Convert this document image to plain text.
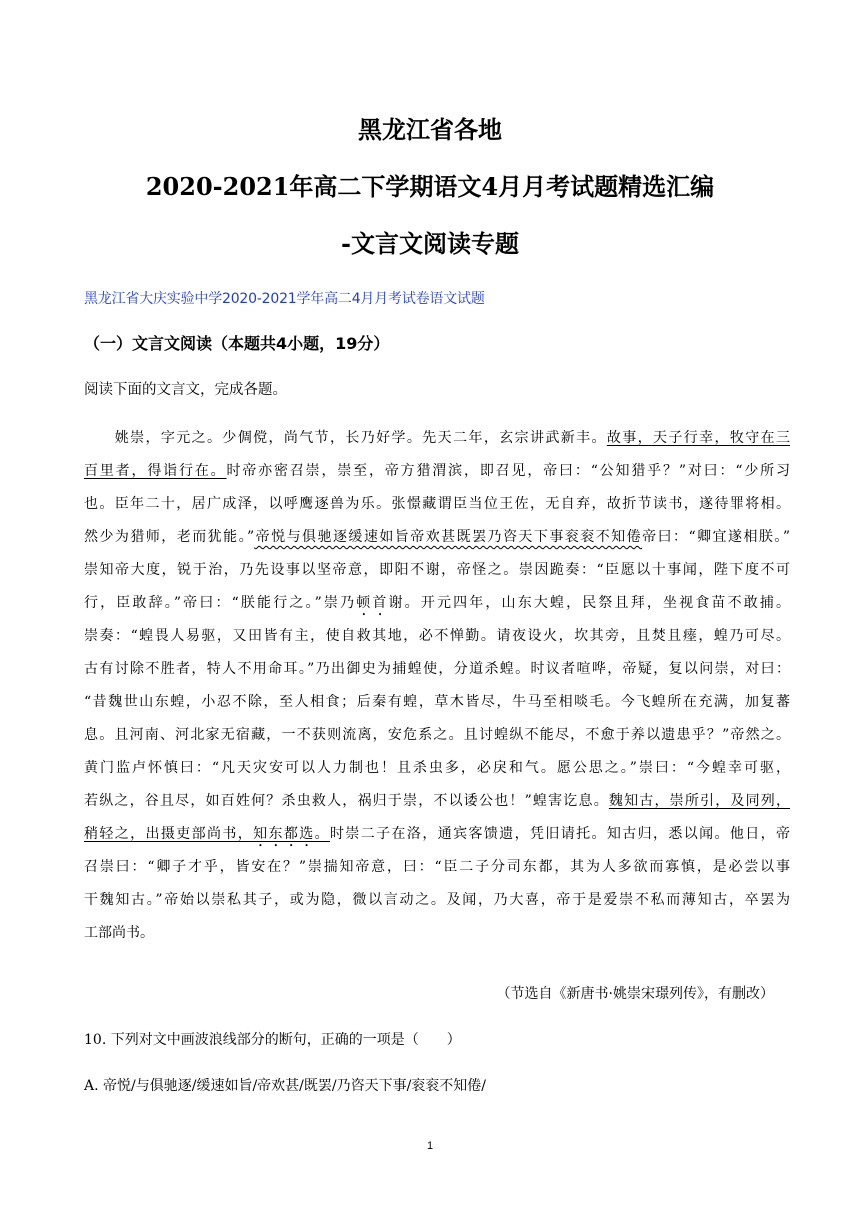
黑龙江省各地
2020-2021年高二下学期语文4月月考试题精选汇编
-文言文阅读专题
黑龙江省大庆实验中学2020-2021学年高二4月月考试卷语文试题
（一）文言文阅读（本题共4小题，19分）
阅读下面的文言文，完成各题。
　　姚崇，字元之。少倜傥，尚气节，长乃好学。先天二年，玄宗讲武新丰。故事，天子行幸，牧守在三
百里者，得诣行在。时帝亦密召崇，崇至，帝方猎渭滨，即召见，帝曰：“公知猎乎？”对曰：“少所习
也。臣年二十，居广成泽，以呼鹰逐兽为乐。张憬藏谓臣当位王佐，无自弃，故折节读书，遂待罪将相。
然少为猎师，老而犹能。”帝悦与俱驰逐缓速如旨帝欢甚既罢乃咨天下事衮衮不知倦帝曰：“卿宜遂相朕。”
崇知帝大度，锐于治，乃先设事以坚帝意，即阳不谢，帝怪之。崇因跪奏：“臣愿以十事闻，陛下度不可
行，臣敢辞。”帝曰：“朕能行之。”崇乃顿首谢。开元四年，山东大蝗，民祭且拜，坐视食苗不敢捕。
崇奏：“蝗畏人易驱，又田皆有主，使自救其地，必不惮勤。请夜设火，坎其旁，且焚且瘗，蝗乃可尽。
古有讨除不胜者，特人不用命耳。”乃出御史为捕蝗使，分道杀蝗。时议者喧哗，帝疑，复以问崇，对曰：
“昔魏世山东蝗，小忍不除，至人相食；后秦有蝗，草木皆尽，牛马至相啖毛。今飞蝗所在充满，加复蕃
息。且河南、河北家无宿藏，一不获则流离，安危系之。且讨蝗纵不能尽，不愈于养以遗患乎？”帝然之。
黄门监卢怀慎曰：“凡天灾安可以人力制也！且杀虫多，必戾和气。愿公思之。”崇曰：“今蝗幸可驱，
若纵之，谷且尽，如百姓何？杀虫救人，祸归于崇，不以诿公也！”蝗害讫息。魏知古，崇所引，及同列，
稍轻之，出摄吏部尚书，知东都选。时崇二子在洛，通宾客馈遗，凭旧请托。知古归，悉以闻。他日，帝
召崇曰：“卿子才乎，皆安在？”崇揣知帝意，曰：“臣二子分司东都，其为人多欲而寡慎，是必尝以事
干魏知古。”帝始以崇私其子，或为隐，微以言动之。及闻，乃大喜，帝于是爱崇不私而薄知古，卒罢为
工部尚书。
（节选自《新唐书·姚崇宋璟列传》，有删改）
10. 下列对文中画波浪线部分的断句，正确的一项是（　　）
A. 帝悦/与俱驰逐/缓速如旨/帝欢甚/既罢/乃咨天下事/衮衮不知倦/
1
